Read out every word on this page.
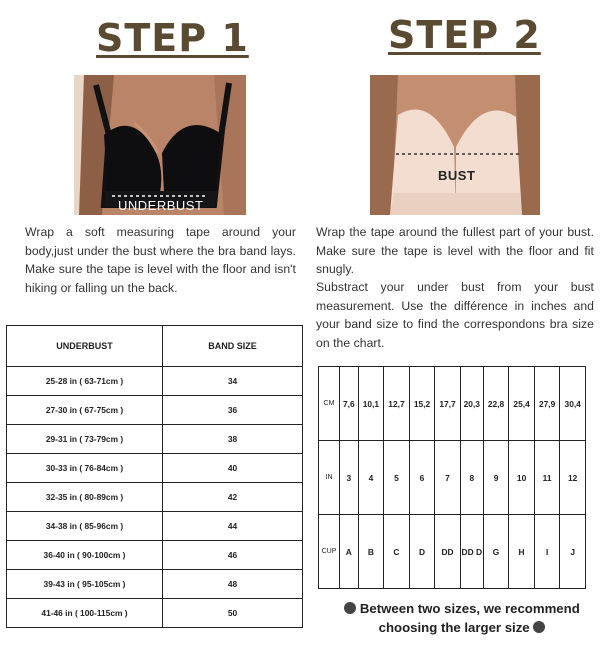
STEP 1	STEP 2
UNDERBUST
BUST
Wrap a soft measuring tape around your body,just under the bust where the bra band lays. Make sure the tape is level with the floor and isn't hiking or falling un the back.
Wrap the tape around the fullest part of your bust. Make sure the tape is level with the floor and fit snugly.
Substract your under bust from your bust measurement. Use the différence in inches and your band size to find the correspondons bra size on the chart.
UNDERBUST	BAND SIZE
25-28 in ( 63-71cm )	34
27-30 in ( 67-75cm )	36
29-31 in ( 73-79cm )	38
30-33 in ( 76-84cm )	40
32-35 in ( 80-89cm )	42
34-38 in ( 85-96cm )	44
36-40 in ( 90-100cm )	46
39-43 in ( 95-105cm )	48
41-46 in ( 100-115cm )	50
CM	7,6	10,1	12,7	15,2	17,7	20,3	22,8	25,4	27,9	30,4
IN	3	4	5	6	7	8	9	10	11	12
CUP	A	B	C	D	DD	DD D	G	H	I	J
Between two sizes, we recommend choosing the larger size
